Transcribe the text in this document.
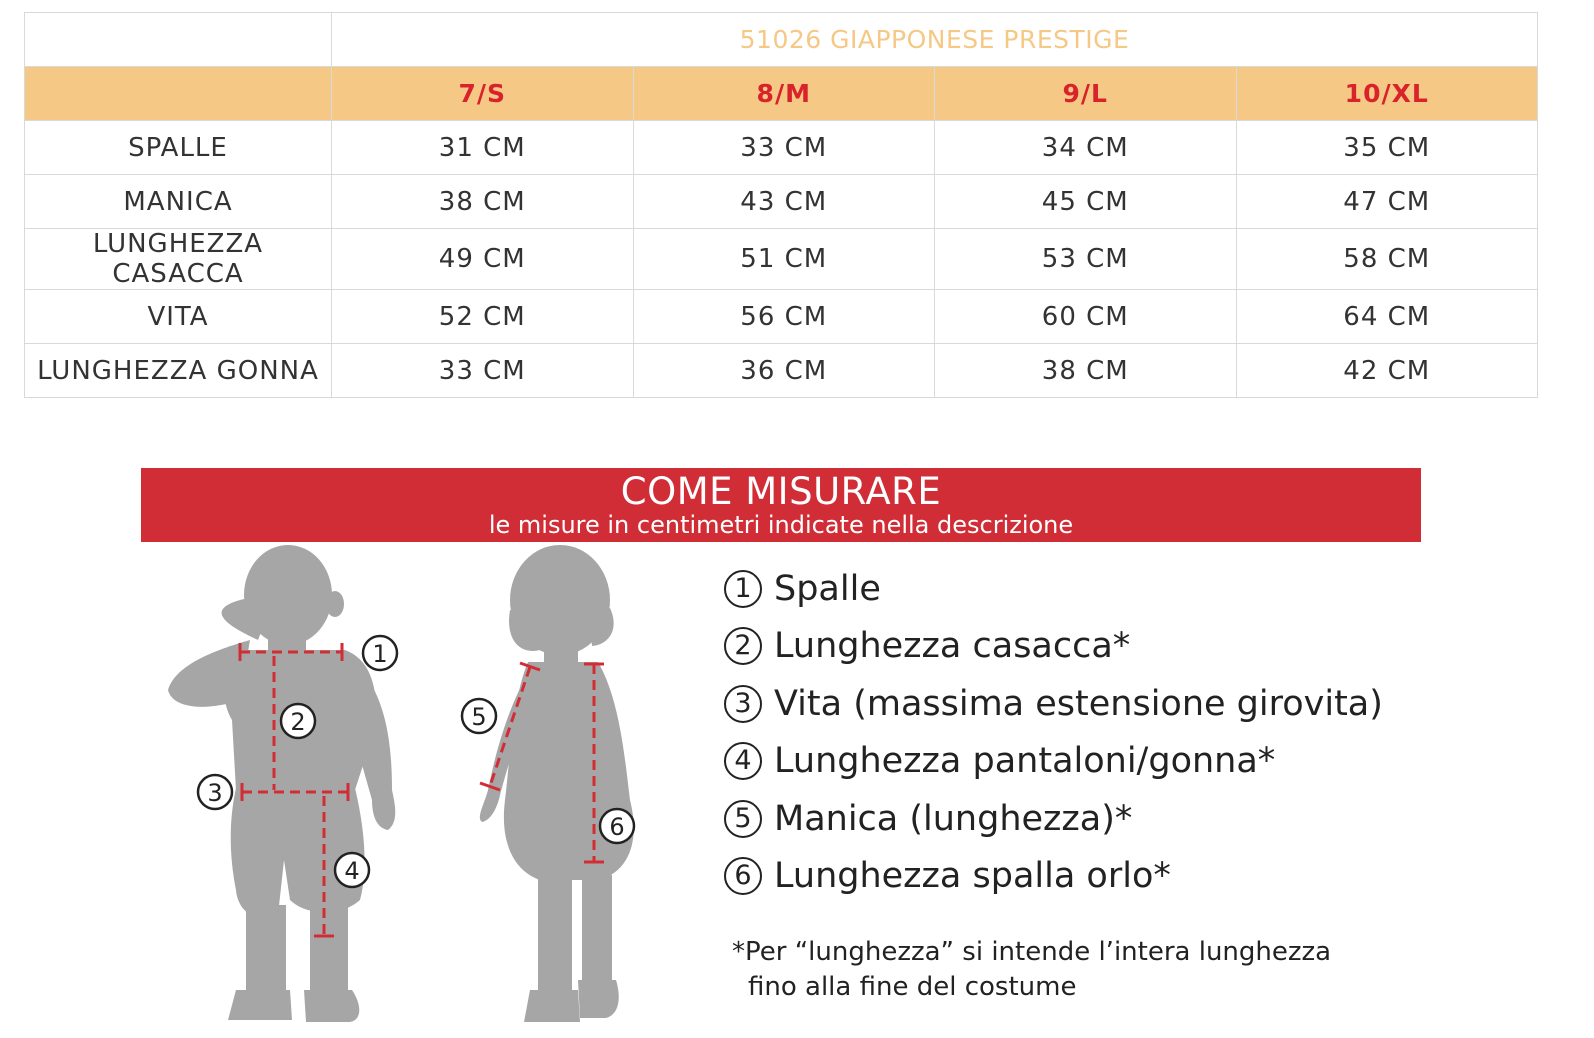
	51026 GIAPPONESE PRESTIGE			
	7/S	8/M	9/L	10/XL
SPALLE	31 CM	33 CM	34 CM	35 CM
MANICA	38 CM	43 CM	45 CM	47 CM
LUNGHEZZA CASACCA	49 CM	51 CM	53 CM	58 CM
VITA	52 CM	56 CM	60 CM	64 CM
LUNGHEZZA GONNA	33 CM	36 CM	38 CM	42 CM
COME MISURARE
le misure in centimetri indicate nella descrizione
1
2
3
4
5
6
1 Spalle
2 Lunghezza casacca*
3 Vita (massima estensione girovita)
4 Lunghezza pantaloni/gonna*
5 Manica (lunghezza)*
6 Lunghezza spalla orlo*
*Per “lunghezza” si intende l’intera lunghezza
fino alla fine del costume
